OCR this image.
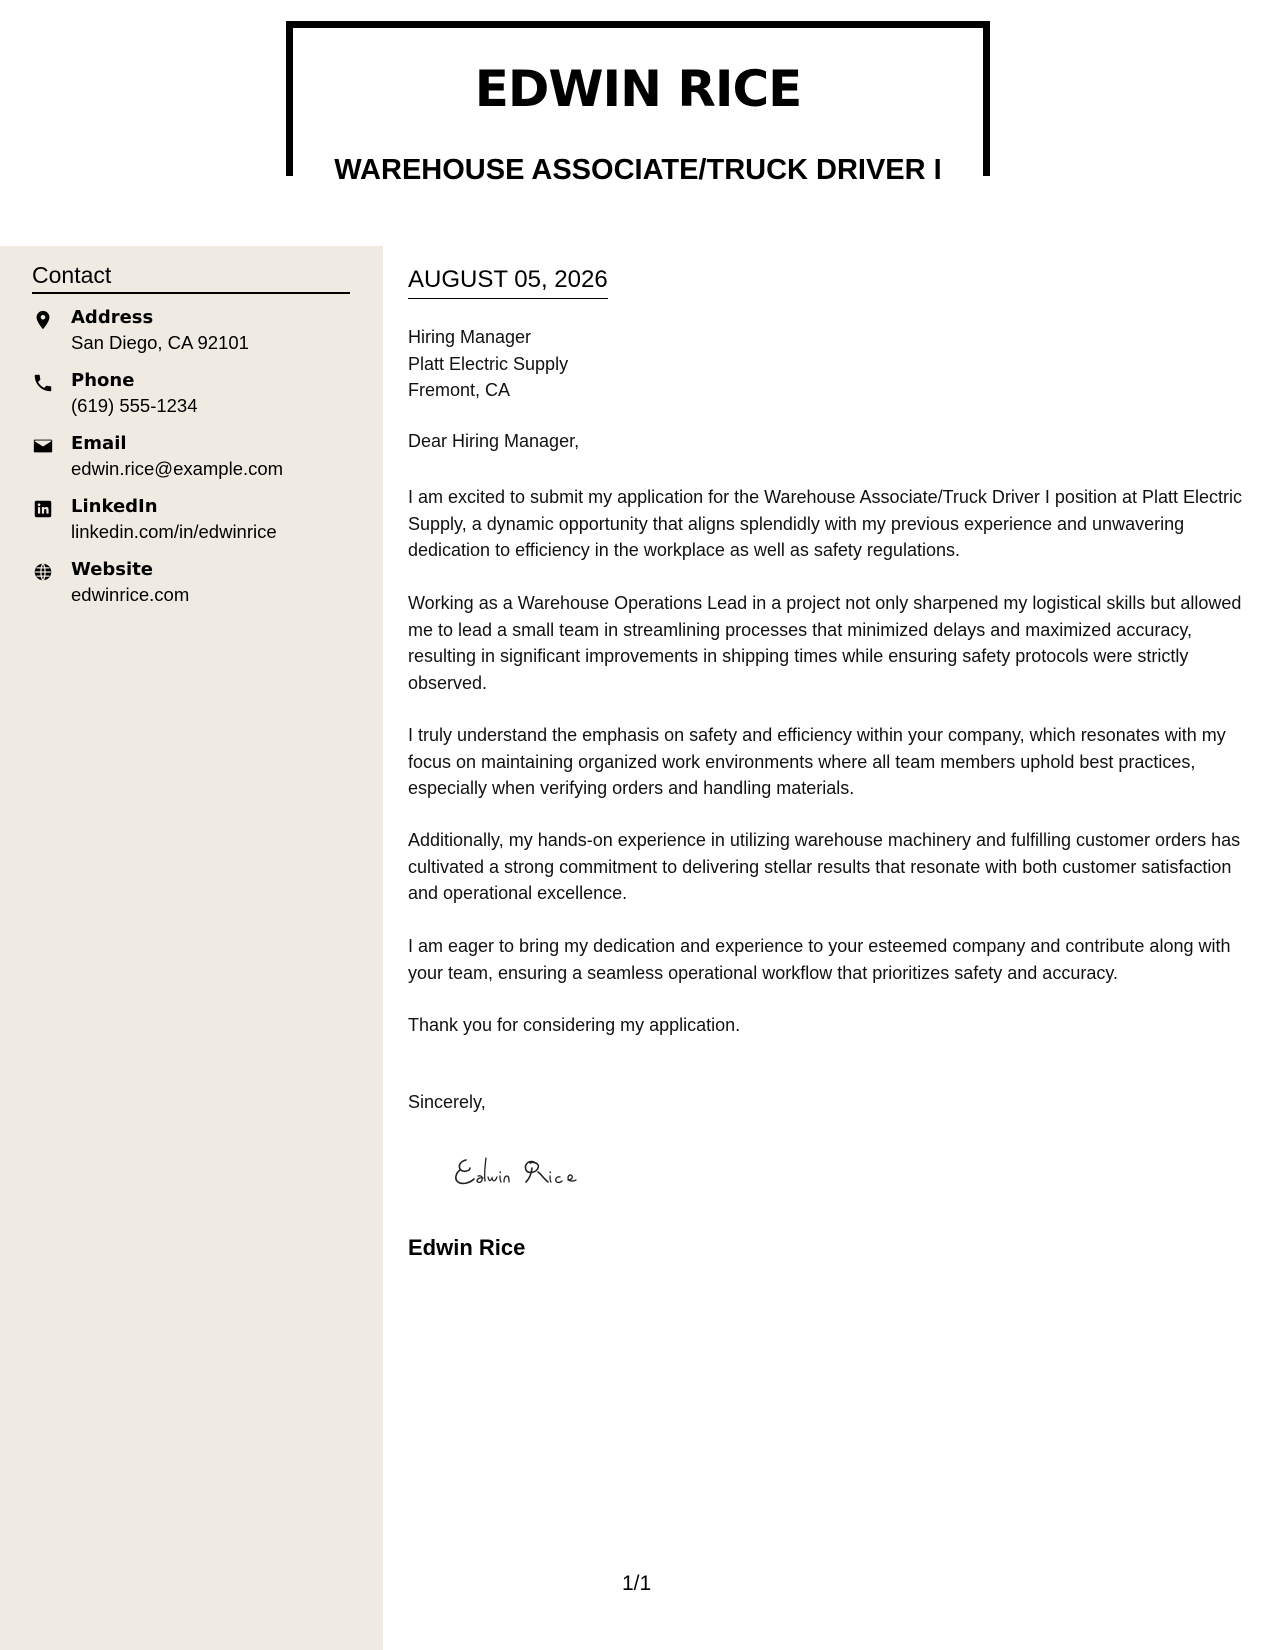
EDWIN RICE
WAREHOUSE ASSOCIATE/TRUCK DRIVER I
Contact
Address
San Diego, CA 92101
Phone
(619) 555-1234
Email
edwin.rice@example.com
LinkedIn
linkedin.com/in/edwinrice
Website
edwinrice.com
AUGUST 05, 2026
Hiring Manager
Platt Electric Supply
Fremont, CA
Dear Hiring Manager,

I am excited to submit my application for the Warehouse Associate/Truck Driver I position at Platt Electric Supply, a dynamic opportunity that aligns splendidly with my previous experience and unwavering dedication to efficiency in the workplace as well as safety regulations.

Working as a Warehouse Operations Lead in a project not only sharpened my logistical skills but allowed me to lead a small team in streamlining processes that minimized delays and maximized accuracy, resulting in significant improvements in shipping times while ensuring safety protocols were strictly observed.

I truly understand the emphasis on safety and efficiency within your company, which resonates with my focus on maintaining organized work environments where all team members uphold best practices, especially when verifying orders and handling materials.

Additionally, my hands-on experience in utilizing warehouse machinery and fulfilling customer orders has cultivated a strong commitment to delivering stellar results that resonate with both customer satisfaction and operational excellence.

I am eager to bring my dedication and experience to your esteemed company and contribute along with your team, ensuring a seamless operational workflow that prioritizes safety and accuracy.

Thank you for considering my application.

Sincerely,
Edwin Rice
1/1
